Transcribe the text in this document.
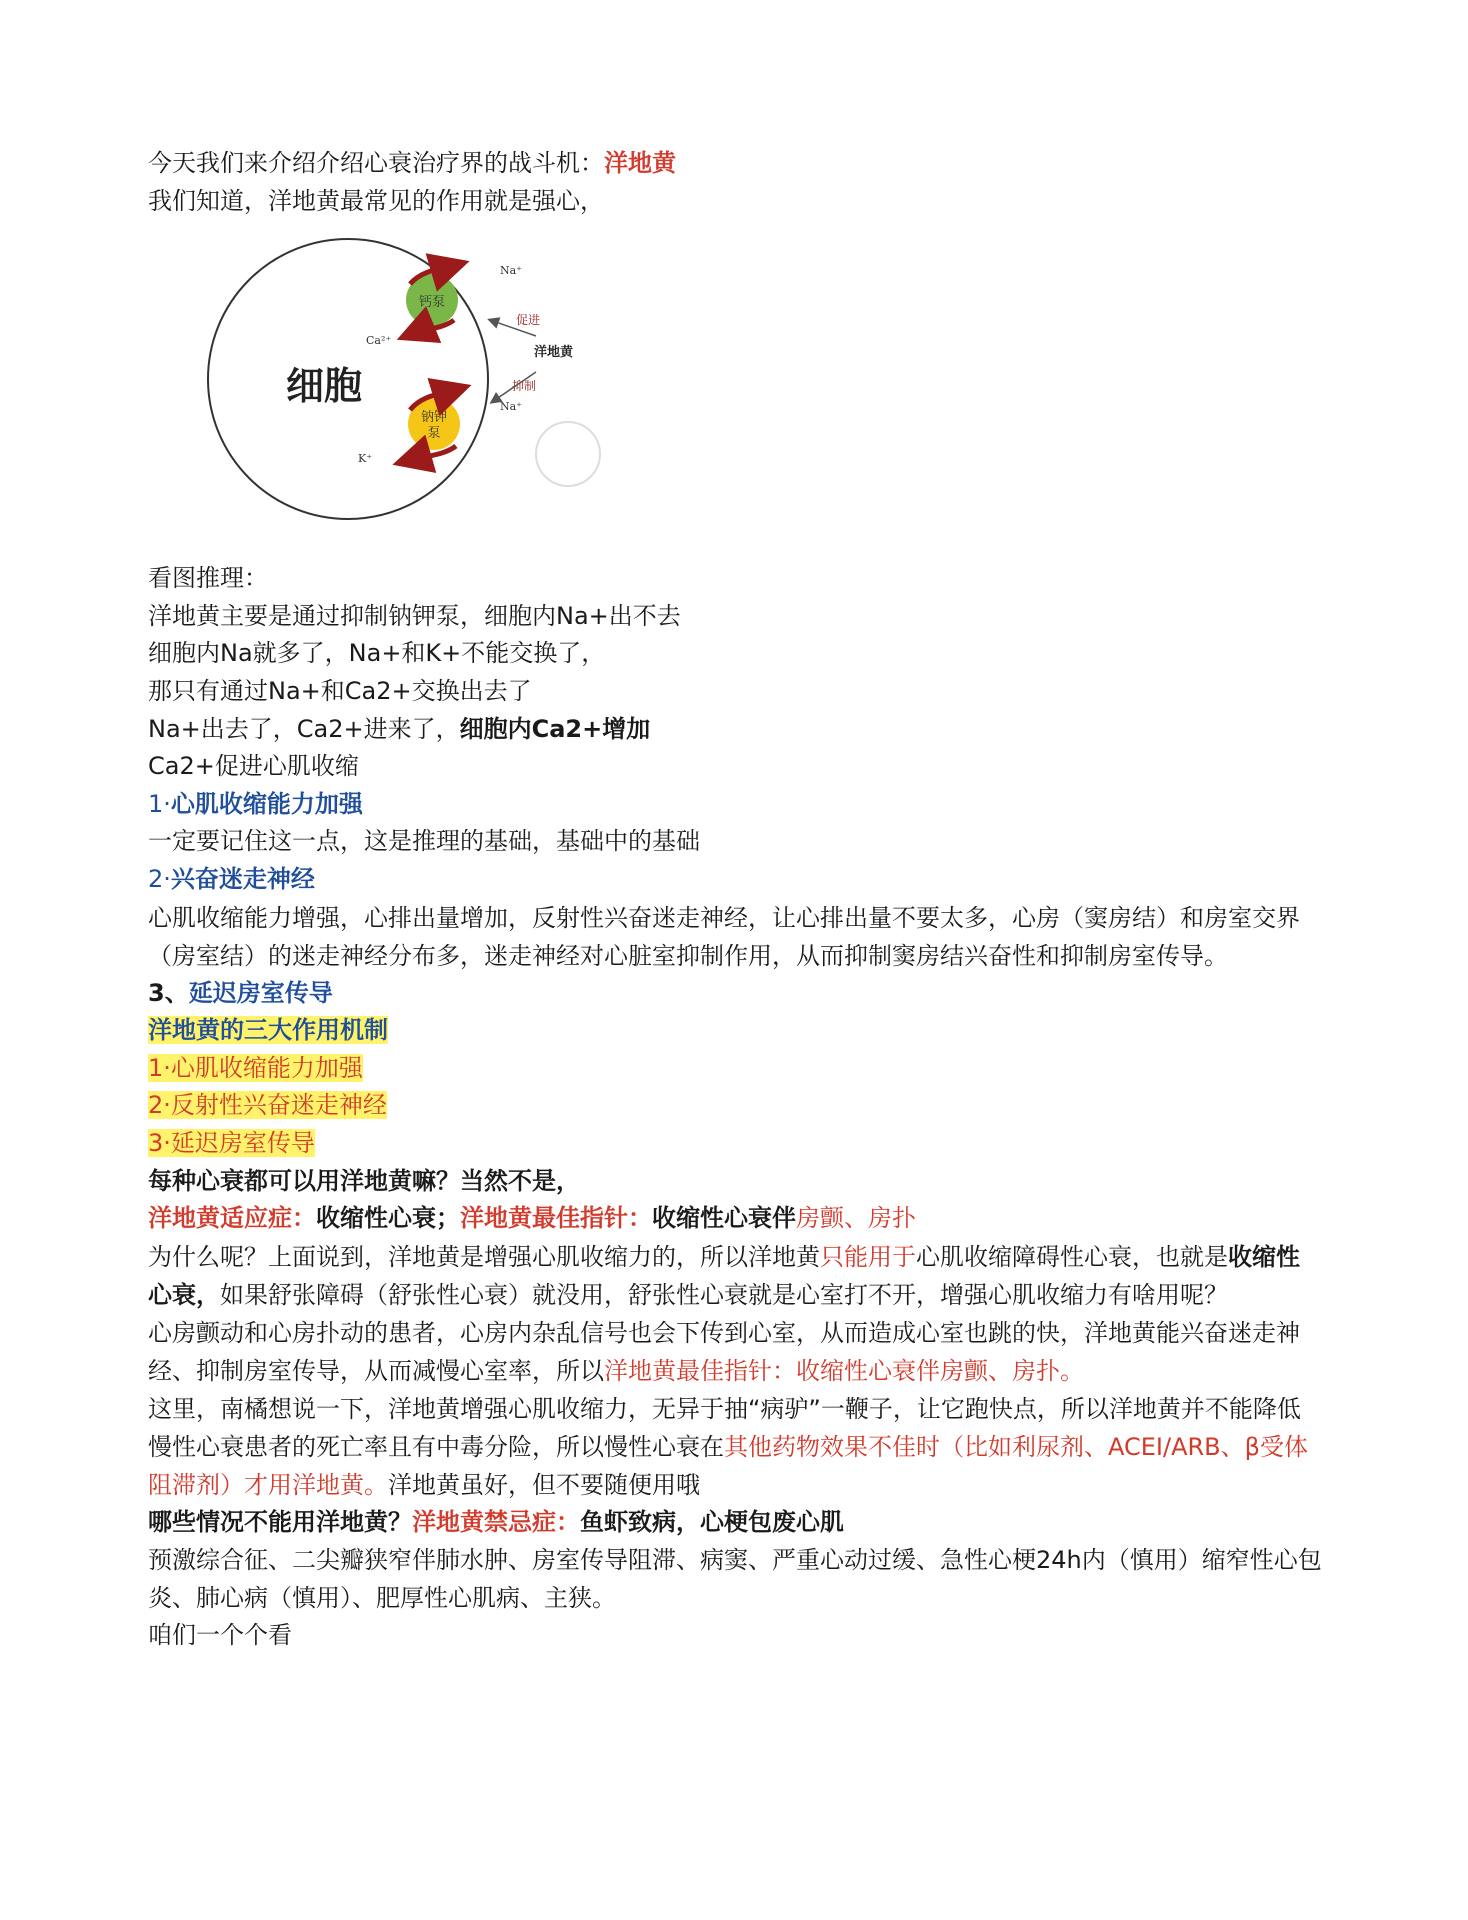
今天我们来介绍介绍心衰治疗界的战斗机：洋地黄

我们知道，洋地黄最常见的作用就是强心，

细胞
钙泵
钠钾
泵
Na⁺
Ca²⁺
促进
洋地黄
抑制
Na⁺
K⁺

看图推理：

洋地黄主要是通过抑制钠钾泵，细胞内Na+出不去

细胞内Na就多了，Na+和K+不能交换了，

那只有通过Na+和Ca2+交换出去了

Na+出去了，Ca2+进来了，细胞内Ca2+增加

Ca2+促进心肌收缩

1·心肌收缩能力加强

一定要记住这一点，这是推理的基础，基础中的基础

2·兴奋迷走神经

心肌收缩能力增强，心排出量增加，反射性兴奋迷走神经，让心排出量不要太多，心房（窦房结）和房室交界（房室结）的迷走神经分布多，迷走神经对心脏室抑制作用，从而抑制窦房结兴奋性和抑制房室传导。

3、延迟房室传导

洋地黄的三大作用机制

1·心肌收缩能力加强

2·反射性兴奋迷走神经

3·延迟房室传导

每种心衰都可以用洋地黄嘛？当然不是，

洋地黄适应症：收缩性心衰；洋地黄最佳指针：收缩性心衰伴房颤、房扑

为什么呢？上面说到，洋地黄是增强心肌收缩力的，所以洋地黄只能用于心肌收缩障碍性心衰，也就是收缩性心衰，如果舒张障碍（舒张性心衰）就没用，舒张性心衰就是心室打不开，增强心肌收缩力有啥用呢？

心房颤动和心房扑动的患者，心房内杂乱信号也会下传到心室，从而造成心室也跳的快，洋地黄能兴奋迷走神经、抑制房室传导，从而减慢心室率，所以洋地黄最佳指针：收缩性心衰伴房颤、房扑。

这里，南橘想说一下，洋地黄增强心肌收缩力，无异于抽“病驴”一鞭子，让它跑快点，所以洋地黄并不能降低慢性心衰患者的死亡率且有中毒分险，所以慢性心衰在其他药物效果不佳时（比如利尿剂、ACEI/ARB、β受体阻滞剂）才用洋地黄。洋地黄虽好，但不要随便用哦

哪些情况不能用洋地黄？洋地黄禁忌症：鱼虾致病，心梗包废心肌

预激综合征、二尖瓣狭窄伴肺水肿、房室传导阻滞、病窦、严重心动过缓、急性心梗24h内（慎用）缩窄性心包炎、肺心病（慎用）、肥厚性心肌病、主狭。

咱们一个个看
